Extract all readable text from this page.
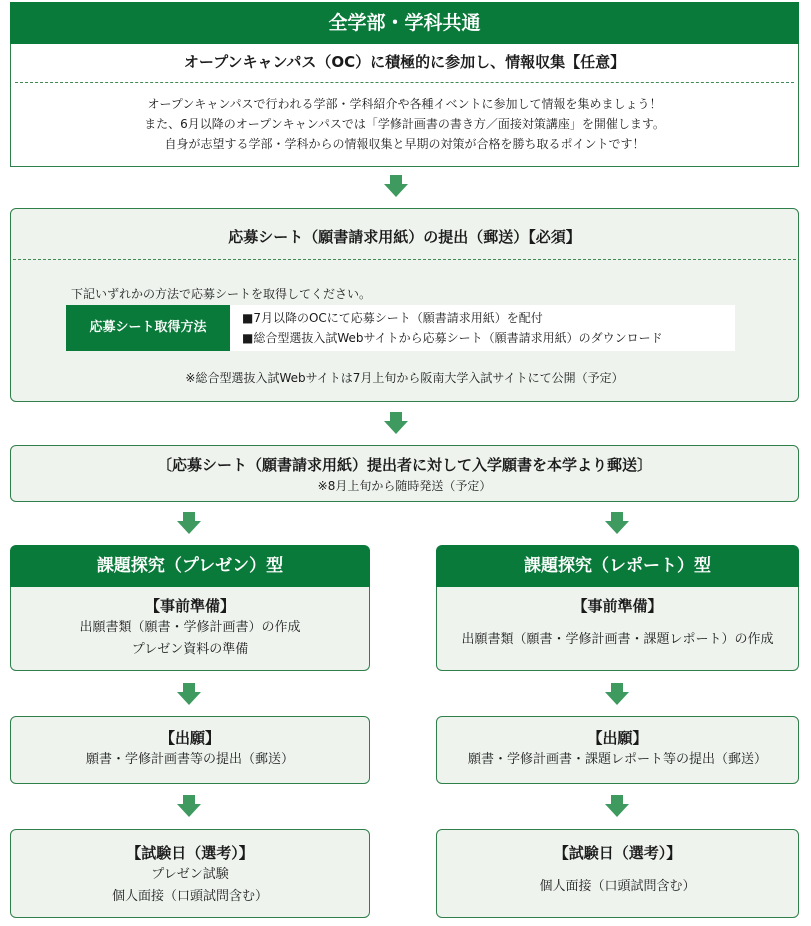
全学部・学科共通
オープンキャンパス（OC）に積極的に参加し、情報収集【任意】
オープンキャンパスで行われる学部・学科紹介や各種イベントに参加して情報を集めましょう！
また、6月以降のオープンキャンパスでは「学修計画書の書き方／面接対策講座」を開催します。
自身が志望する学部・学科からの情報収集と早期の対策が合格を勝ち取るポイントです！
応募シート（願書請求用紙）の提出（郵送）【必須】
下記いずれかの方法で応募シートを取得してください。
応募シート取得方法
■7月以降のOCにて応募シート（願書請求用紙）を配付
■総合型選抜入試Webサイトから応募シート（願書請求用紙）のダウンロード
※総合型選抜入試Webサイトは7月上旬から阪南大学入試サイトにて公開（予定）
〔応募シート（願書請求用紙）提出者に対して入学願書を本学より郵送〕
※8月上旬から随時発送（予定）
課題探究（プレゼン）型
【事前準備】
出願書類（願書・学修計画書）の作成
プレゼン資料の準備
【出願】
願書・学修計画書等の提出（郵送）
【試験日（選考）】
プレゼン試験
個人面接（口頭試問含む）
課題探究（レポート）型
【事前準備】
出願書類（願書・学修計画書・課題レポート）の作成
【出願】
願書・学修計画書・課題レポート等の提出（郵送）
【試験日（選考）】
個人面接（口頭試問含む）
